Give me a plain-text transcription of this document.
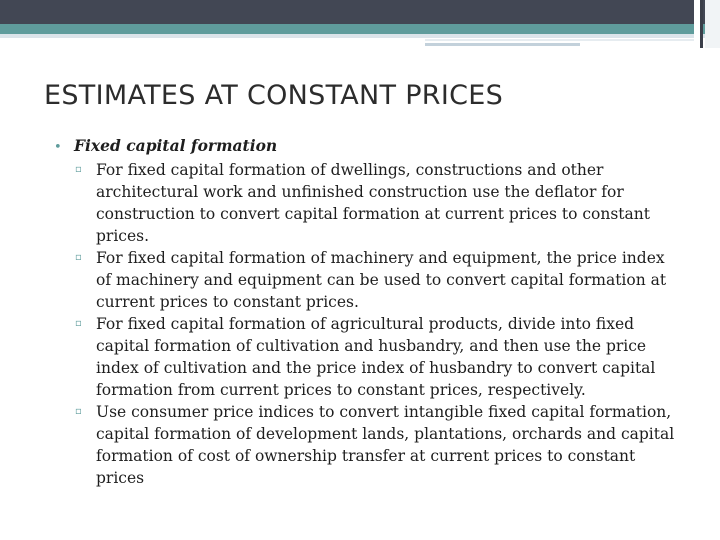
ESTIMATES AT CONSTANT PRICES
• Fixed capital formation
▫ For fixed capital formation of dwellings, constructions and other architectural work and unfinished construction use the deflator for construction to convert capital formation at current prices to constant prices.
▫ For fixed capital formation of machinery and equipment, the price index of machinery and equipment can be used to convert capital formation at current prices to constant prices.
▫ For fixed capital formation of agricultural products, divide into fixed capital formation of cultivation and husbandry, and then use the price index of cultivation and the price index of husbandry to convert capital formation from current prices to constant prices, respectively.
▫ Use consumer price indices to convert intangible fixed capital formation, capital formation of development lands, plantations, orchards and capital formation of cost of ownership transfer at current prices to constant prices
